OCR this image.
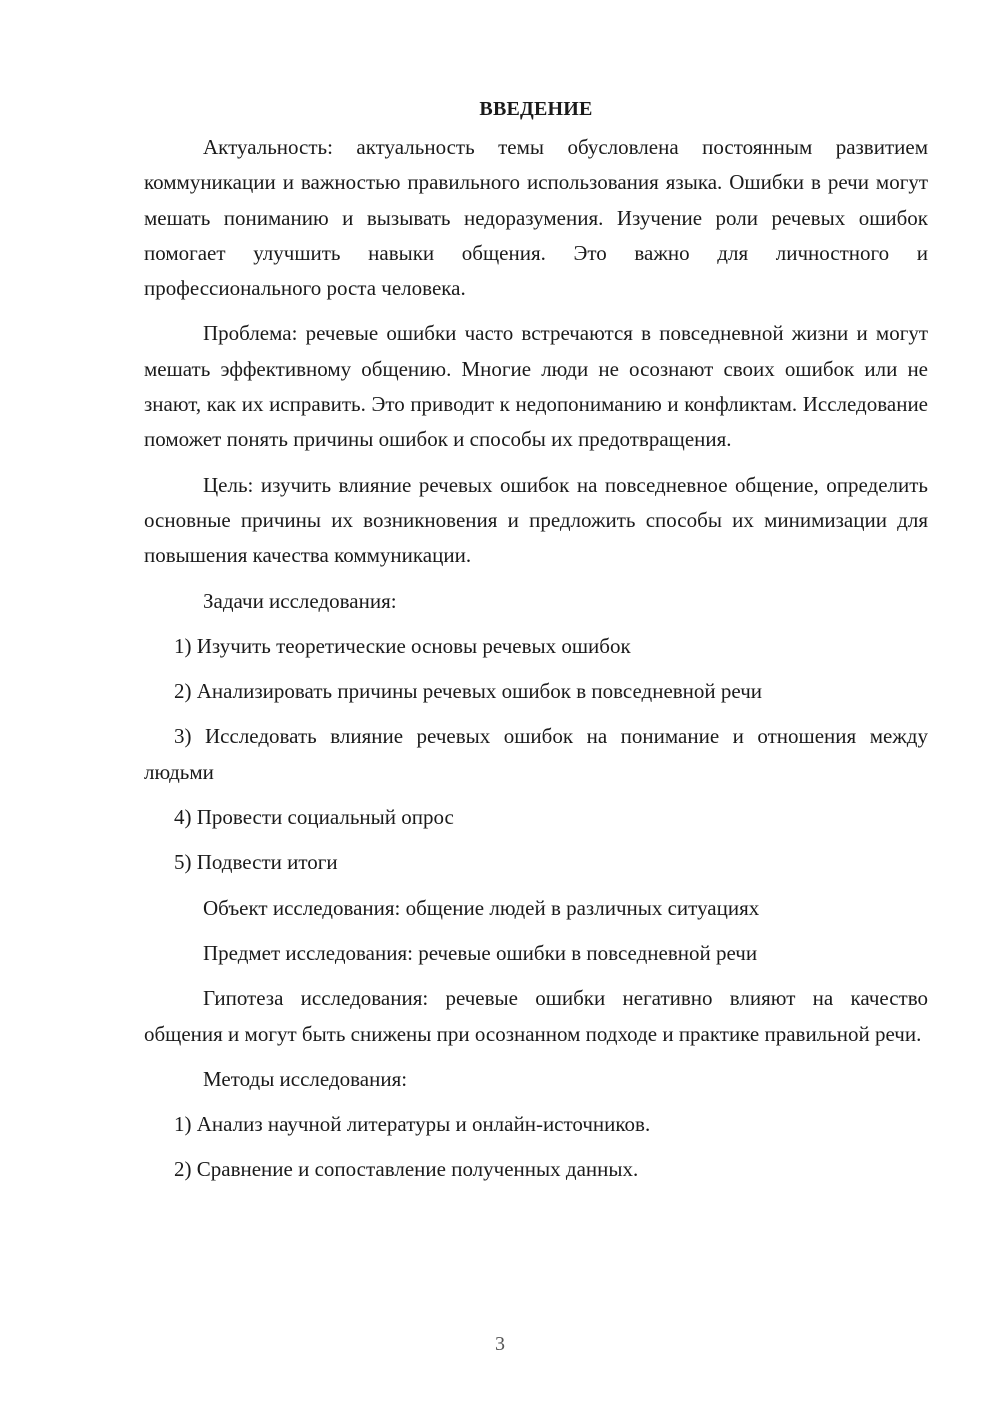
ВВЕДЕНИЕ

Актуальность: актуальность темы обусловлена постоянным развитием коммуникации и важностью правильного использования языка. Ошибки в речи могут мешать пониманию и вызывать недоразумения. Изучение роли речевых ошибок помогает улучшить навыки общения. Это важно для личностного и профессионального роста человека.

Проблема: речевые ошибки часто встречаются в повседневной жизни и могут мешать эффективному общению. Многие люди не осознают своих ошибок или не знают, как их исправить. Это приводит к недопониманию и конфликтам. Исследование поможет понять причины ошибок и способы их предотвращения.

Цель: изучить влияние речевых ошибок на повседневное общение, определить основные причины их возникновения и предложить способы их минимизации для повышения качества коммуникации.

Задачи исследования:

1) Изучить теоретические основы речевых ошибок

2) Анализировать причины речевых ошибок в повседневной речи

3) Исследовать влияние речевых ошибок на понимание и отношения между людьми

4) Провести социальный опрос

5) Подвести итоги

Объект исследования: общение людей в различных ситуациях

Предмет исследования: речевые ошибки в повседневной речи

Гипотеза исследования: речевые ошибки негативно влияют на качество общения и могут быть снижены при осознанном подходе и практике правильной речи.

Методы исследования:

1) Анализ научной литературы и онлайн-источников.

2) Сравнение и сопоставление полученных данных.

3
